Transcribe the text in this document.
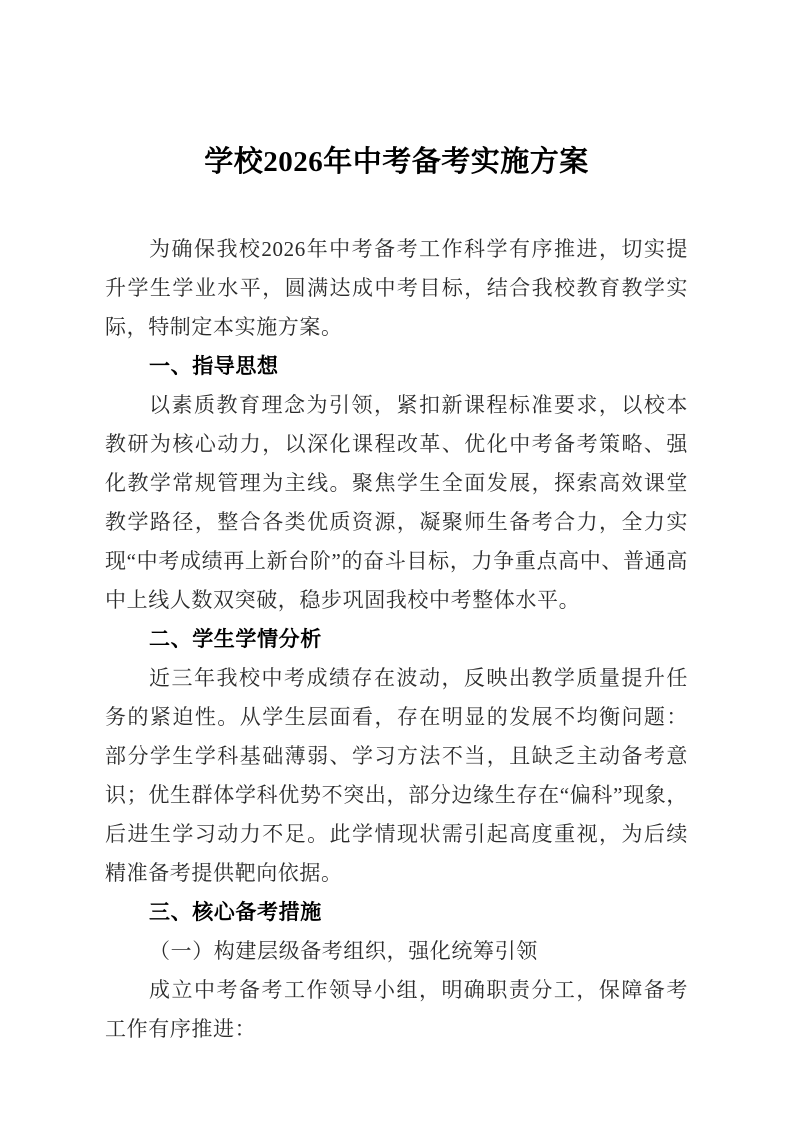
学校2026年中考备考实施方案

为确保我校2026年中考备考工作科学有序推进，切实提升学生学业水平，圆满达成中考目标，结合我校教育教学实际，特制定本实施方案。

一、指导思想

以素质教育理念为引领，紧扣新课程标准要求，以校本教研为核心动力，以深化课程改革、优化中考备考策略、强化教学常规管理为主线。聚焦学生全面发展，探索高效课堂教学路径，整合各类优质资源，凝聚师生备考合力，全力实现“中考成绩再上新台阶”的奋斗目标，力争重点高中、普通高中上线人数双突破，稳步巩固我校中考整体水平。

二、学生学情分析

近三年我校中考成绩存在波动，反映出教学质量提升任务的紧迫性。从学生层面看，存在明显的发展不均衡问题：部分学生学科基础薄弱、学习方法不当，且缺乏主动备考意识；优生群体学科优势不突出，部分边缘生存在“偏科”现象，后进生学习动力不足。此学情现状需引起高度重视，为后续精准备考提供靶向依据。

三、核心备考措施

（一）构建层级备考组织，强化统筹引领

成立中考备考工作领导小组，明确职责分工，保障备考工作有序推进：
